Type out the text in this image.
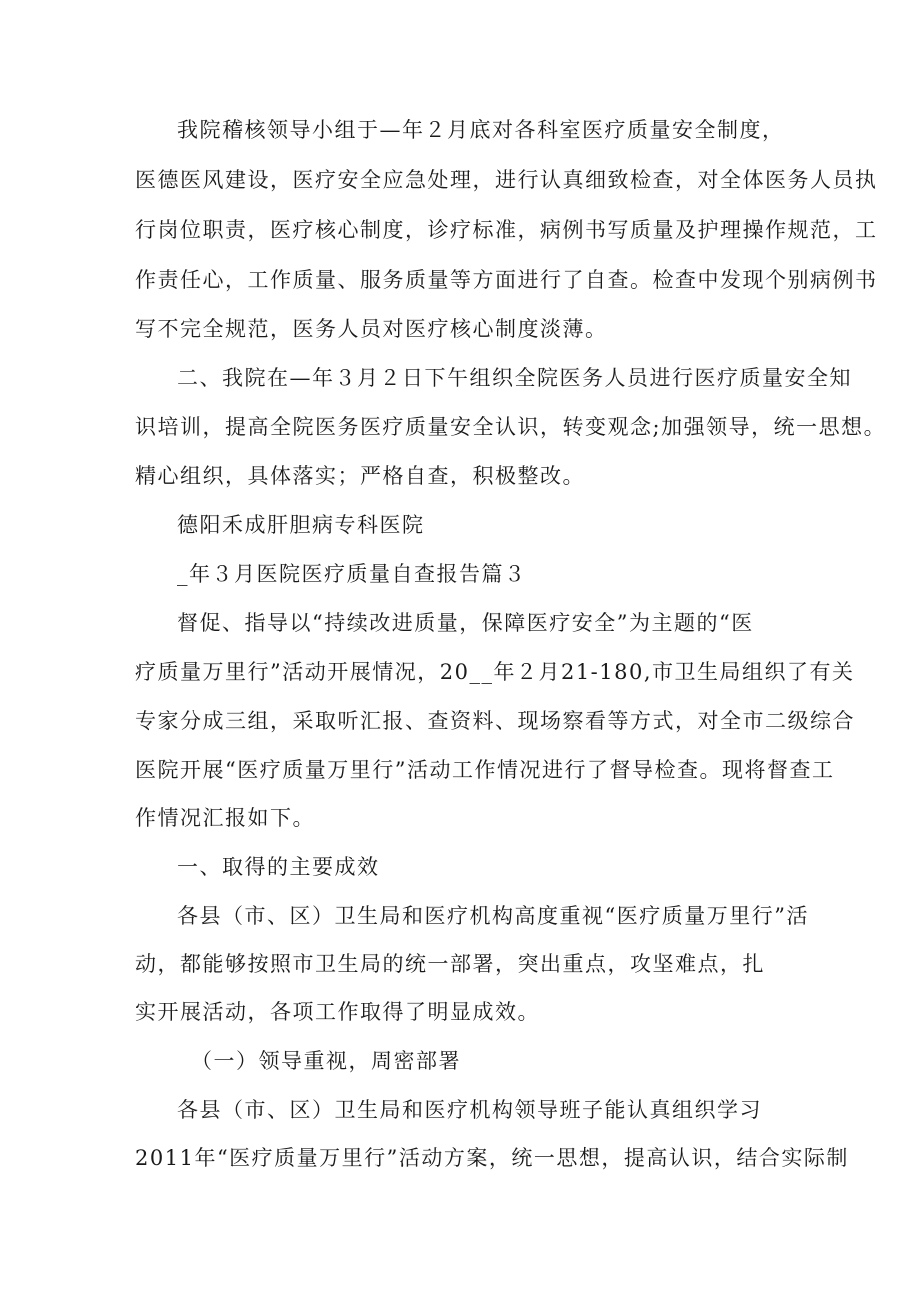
我院稽核领导小组于—年２月底对各科室医疗质量安全制度，
医德医风建设，医疗安全应急处理，进行认真细致检查，对全体医务人员执
行岗位职责，医疗核心制度，诊疗标准，病例书写质量及护理操作规范，工
作责任心，工作质量、服务质量等方面进行了自查。检查中发现个别病例书
写不完全规范，医务人员对医疗核心制度淡薄。
二、我院在—年３月２日下午组织全院医务人员进行医疗质量安全知
识培训，提高全院医务医疗质量安全认识，转变观念;加强领导，统一思想。
精心组织，具体落实；严格自查，积极整改。
德阳禾成肝胆病专科医院
_年３月医院医疗质量自查报告篇３
督促、指导以“持续改进质量，保障医疗安全”为主题的“医
疗质量万里行”活动开展情况，20__年２月21-180,市卫生局组织了有关
专家分成三组，采取听汇报、查资料、现场察看等方式，对全市二级综合
医院开展“医疗质量万里行”活动工作情况进行了督导检查。现将督查工
作情况汇报如下。
一、取得的主要成效
各县（市、区）卫生局和医疗机构高度重视“医疗质量万里行”活
动，都能够按照市卫生局的统一部署，突出重点，攻坚难点，扎
实开展活动，各项工作取得了明显成效。
（一）领导重视，周密部署
各县（市、区）卫生局和医疗机构领导班子能认真组织学习
2011年“医疗质量万里行”活动方案，统一思想，提高认识，结合实际制
